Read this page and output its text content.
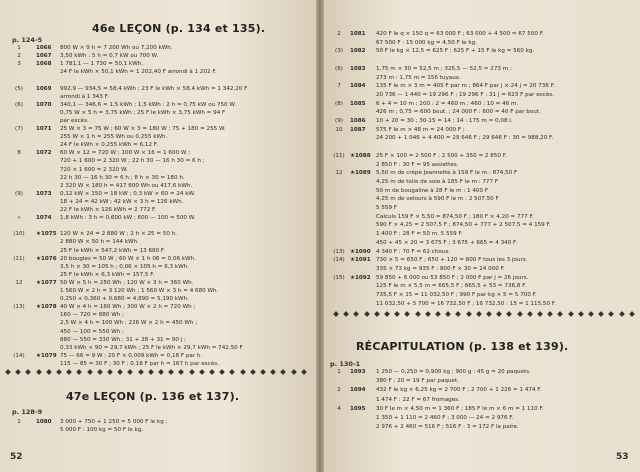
46e LEÇON (p. 134 et 135).
p. 124-5
1	1066 800 W × 9 h = 7 200 Wh ou 7,200 kWh.
2	1067 3,50 kWh : 5 h = 0,7 kW ou 700 W.
3	1068 1 781,1 — 1 730 = 50,1 kWh.
24 F le kWh × 50,1 kWh = 1 202,40 F arrondi à 1 202 F.
(5)	1069 992,9 — 934,5 = 58,4 kWh ; 23 F le kWh × 58,4 kWh = 1 342,20 F
arrondi à 1 343 F.
(6)	1070 340,1 — 346,6 = 1,5 kWh ; 1,5 kWh : 2 h = 0,75 kW ou 750 W.
0,75 W × 5 h = 3,75 kWh ; 25 F le kWh × 3,75 kWh = 94 F
par excès.
(7)	1071 25 W × 3 = 75 W ; 60 W × 3 = 180 W ; 75 + 180 = 255 W.
255 W × 1 h = 255 Wh ou 0,255 kWh.
24 F le kWh × 0,255 kWh = 6,12 F.
8	1072 60 W × 12 = 720 W ; 100 W × 16 = 1 600 W ;
720 + 1 600 = 2 320 W ; 22 h 30 — 16 h 30 = 6 h ;
720 × 1 600 = 2 320 W.
22 h 30 — 16 h 30 = 6 h ; 8 h × 30 = 180 h.
2 320 W × 180 h = 417 600 Wh ou 417,6 kWh.
(9)	1073 0,12 kW × 150 = 18 kW ; 0,3 kW × 60 = 24 kW.
18 + 24 = 42 kW ; 42 kW × 3 h = 126 kWh.
22 F le kWh × 126 kWh = 2 772 F.
»	1074 1,8 kWh : 3 h = 0,600 kW ; 600 — 100 = 500 W.
(10)	★1075 120 W × 24 = 2 880 W ; 2 h × 25 = 50 h.
2 880 W × 50 h = 144 kWh.
25 F le kWh × 547,2 kWh = 13 680 F.
(11)	★1076 20 bougies = 50 W ; 60 W × 1 h 06 = 0,06 kWh.
3,5 h × 30 = 105 h ; 0,06 × 105 h = 6,3 kWh.
25 F le kWh × 6,3 kWh = 157,5 F.
12	★1077 50 W × 5 h = 250 Wh ; 120 W × 3 h = 360 Wh.
1 560 W × 2 h = 3 120 Wh ; 1 560 W × 3 h = 4 680 Wh.
0,250 + 0,360 + 0,680 = 4,890 = 5,190 kWh.
(13)	★1078 40 W × 4 h = 160 Wh ; 300 W × 2 h = 720 Wh ;
160 — 720 = 880 Wh ;
2,5 W × 4 h = 100 Wh ; 226 W × 2 h = 450 Wh ;
450 — 100 = 550 Wh ;
880 — 550 = 330 Wh ; 31 + 28 + 31 = 90 j ;
0,33 kWh × 90 = 29,7 kWh ; 25 F le kWh × 29,7 kWh = 742,50 F
(14)	★1079 75 — 66 = 9 W ; 20 F × 0,009 kWh = 0,18 F par h.
115 — 85 = 30 F ; 30 F : 0,18 F par h = 167 h par excès.
47e LEÇON (p. 136 et 137).
p. 128-9
1	1080 3 000 + 750 + 1 250 = 5 000 F le kg ;
5 000 F : 100 kg = 50 F le kg.
52
2	1081 420 F le q × 150 q = 63 000 F ; 63 000 + 4 500 = 67 500 F.
67 500 F : 15 000 kg = 4,50 F le kg.
(3)	1082 50 F le kg × 12,5 = 625 F ; 625 F + 15 F le kg = 560 kg.
(6)	1083 1,75 m × 30 = 52,5 m ; 325,5 — 52,5 = 273 m ;
273 m : 1,75 m = 156 tuyaux.
7	1084 135 F le m × 3 m = 405 F par m ; 864 F par j × 24 j = 20 736 F.
20 736 — 1 440 = 19 296 F ; 19 296 F : 31 j = 623 F par excès.
(8)	1085 6 + 4 = 10 m ; 200 : 2 = 460 m ; 460 : 10 = 46 m.
426 m ; 0,75 = 600 bout. ; 24 000 F : 600 = 40 F par bout.
(9)	1086 10 + 20 = 30 ; 30-15 = 14 ; 14 : 175 m = 0,08 l.
10	1087 575 F le m × 48 m = 24 000 F ;
24 200 + 1 046 + 4 400 = 29 646 F ; 29 646 F : 30 = 988,20 F.
(11) ★1088 25 F × 100 = 2 500 F ; 2 500 + 350 = 2 850 F.
2 850 F : 30 F = 95 assiettes.
12	★1089 5,50 m de crêpe Jeannette à 159 F le m : 874,50 F
4,25 m de toile de soie à 185 F le m : 777 F
50 m de bougaline à 28 F le m : 1 400 F
4,25 m de velours à 590 F le m : 2 507,50 F
5 559 F
Calculs 159 F × 5,50 = 874,50 F ; 180 F × 4,20 = 777 F.
590 F × 4,25 = 2 507,5 F ; 874,50 + 777 + 2 507,5 = 4 159 F.
1 400 F : 28 F = 50 m. 5 559 F.
450 + 45 × 20 = 3 675 F ; 3 675 + 665 = 4 340 F.
(13) ★1090 4 340 F : 70 F = 62 choux.
(14) ★1091 730 × 5 = 650 F ; 650 + 120 = 800 F tous les 3 jours.
335 × 73 kg = 935 F ; 800 F × 30 = 24 000 F.
(15) ★1092 59 850 + 6 000 ou 53 850 F ; 2 000 F par j = 26 jours.
125 F le m × 5,5 m = 665,5 F ; 665,5 + 53 = 736,8 F.
735,5 F × 15 = 11 032,50 F ; 990 F par kg × 5 = 5 700 F.
11 032,50 + 5 700 = 16 732,50 F ; 16 732,50 : 15 = 1 115,50 F.
RÉCAPITULATION (p. 138 et 139).
p. 130-1
1	1093 1 250 — 0,250 = 0,900 kg ; 900 g : 45 g = 20 paquets.
380 F : 20 = 19 F par paquet.
2	1094 432 F le kg × 6,25 kg = 2 700 F ; 2 700 + 1 226 = 1 474 F.
1 474 F : 22 F = 67 fromages.
4	1095 30 F le m × 4,50 m = 1 360 F ; 185 F le m × 6 m = 1 110 F.
1 350 + 1 110 = 2 460 F ; 3 000 — 24 = 2 976 F.
2 976 + 2 460 = 516 F ; 516 F : 3 = 172 F la paire.
53
